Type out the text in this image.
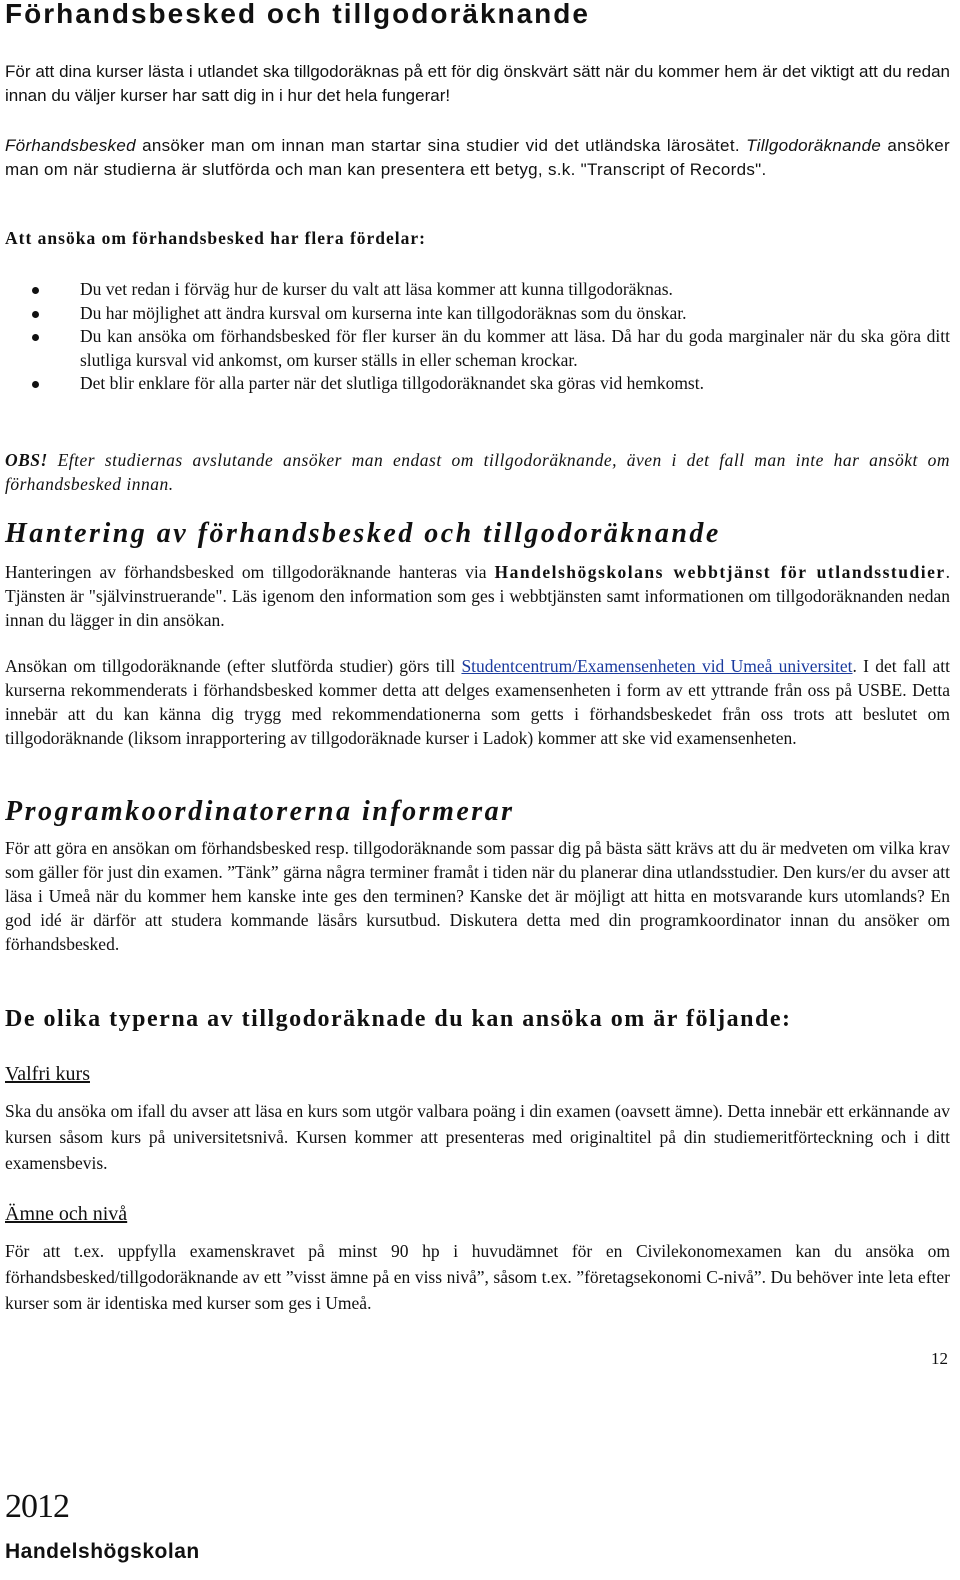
Förhandsbesked och tillgodoräknande

För att dina kurser lästa i utlandet ska tillgodoräknas på ett för dig önskvärt sätt när du kommer hem är det viktigt att du redan innan du väljer kurser har satt dig in i hur det hela fungerar!

Förhandsbesked ansöker man om innan man startar sina studier vid det utländska lärosätet. Tillgodoräknande ansöker man om när studierna är slutförda och man kan presentera ett betyg, s.k. "Transcript of Records".

Att ansöka om förhandsbesked har flera fördelar:

Du vet redan i förväg hur de kurser du valt att läsa kommer att kunna tillgodoräknas.
Du har möjlighet att ändra kursval om kurserna inte kan tillgodoräknas som du önskar.
Du kan ansöka om förhandsbesked för fler kurser än du kommer att läsa. Då har du goda marginaler när du ska göra ditt slutliga kursval vid ankomst, om kurser ställs in eller scheman krockar.
Det blir enklare för alla parter när det slutliga tillgodoräknandet ska göras vid hemkomst.

OBS! Efter studiernas avslutande ansöker man endast om tillgodoräknande, även i det fall man inte har ansökt om förhandsbesked innan.

Hantering av förhandsbesked och tillgodoräknande

Hanteringen av förhandsbesked om tillgodoräknande hanteras via Handelshögskolans webbtjänst för utlandsstudier. Tjänsten är "självinstruerande". Läs igenom den information som ges i webbtjänsten samt informationen om tillgodoräknanden nedan innan du lägger in din ansökan.

Ansökan om tillgodoräknande (efter slutförda studier) görs till Studentcentrum/Examensenheten vid Umeå universitet. I det fall att kurserna rekommenderats i förhandsbesked kommer detta att delges examensenheten i form av ett yttrande från oss på USBE. Detta innebär att du kan känna dig trygg med rekommendationerna som getts i förhandsbeskedet från oss trots att beslutet om tillgodoräknande (liksom inrapportering av tillgodoräknade kurser i Ladok) kommer att ske vid examensenheten.

Programkoordinatorerna informerar

För att göra en ansökan om förhandsbesked resp. tillgodoräknande som passar dig på bästa sätt krävs att du är medveten om vilka krav som gäller för just din examen. ”Tänk” gärna några terminer framåt i tiden när du planerar dina utlandsstudier. Den kurs/er du avser att läsa i Umeå när du kommer hem kanske inte ges den terminen? Kanske det är möjligt att hitta en motsvarande kurs utomlands? En god idé är därför att studera kommande läsårs kursutbud. Diskutera detta med din programkoordinator innan du ansöker om förhandsbesked.

De olika typerna av tillgodoräknade du kan ansöka om är följande:
Valfri kurs

Ska du ansöka om ifall du avser att läsa en kurs som utgör valbara poäng i din examen (oavsett ämne). Detta innebär ett erkännande av kursen såsom kurs på universitetsnivå. Kursen kommer att presenteras med originaltitel på din studiemeritförteckning och i ditt examensbevis.

Ämne och nivå

För att t.ex. uppfylla examenskravet på minst 90 hp i huvudämnet för en Civilekonomexamen kan du ansöka om förhandsbesked/tillgodoräknande av ett ”visst ämne på en viss nivå”, såsom t.ex. ”företagsekonomi C-nivå”. Du behöver inte leta efter kurser som är identiska med kurser som ges i Umeå.

12
2012
Handelshögskolan
